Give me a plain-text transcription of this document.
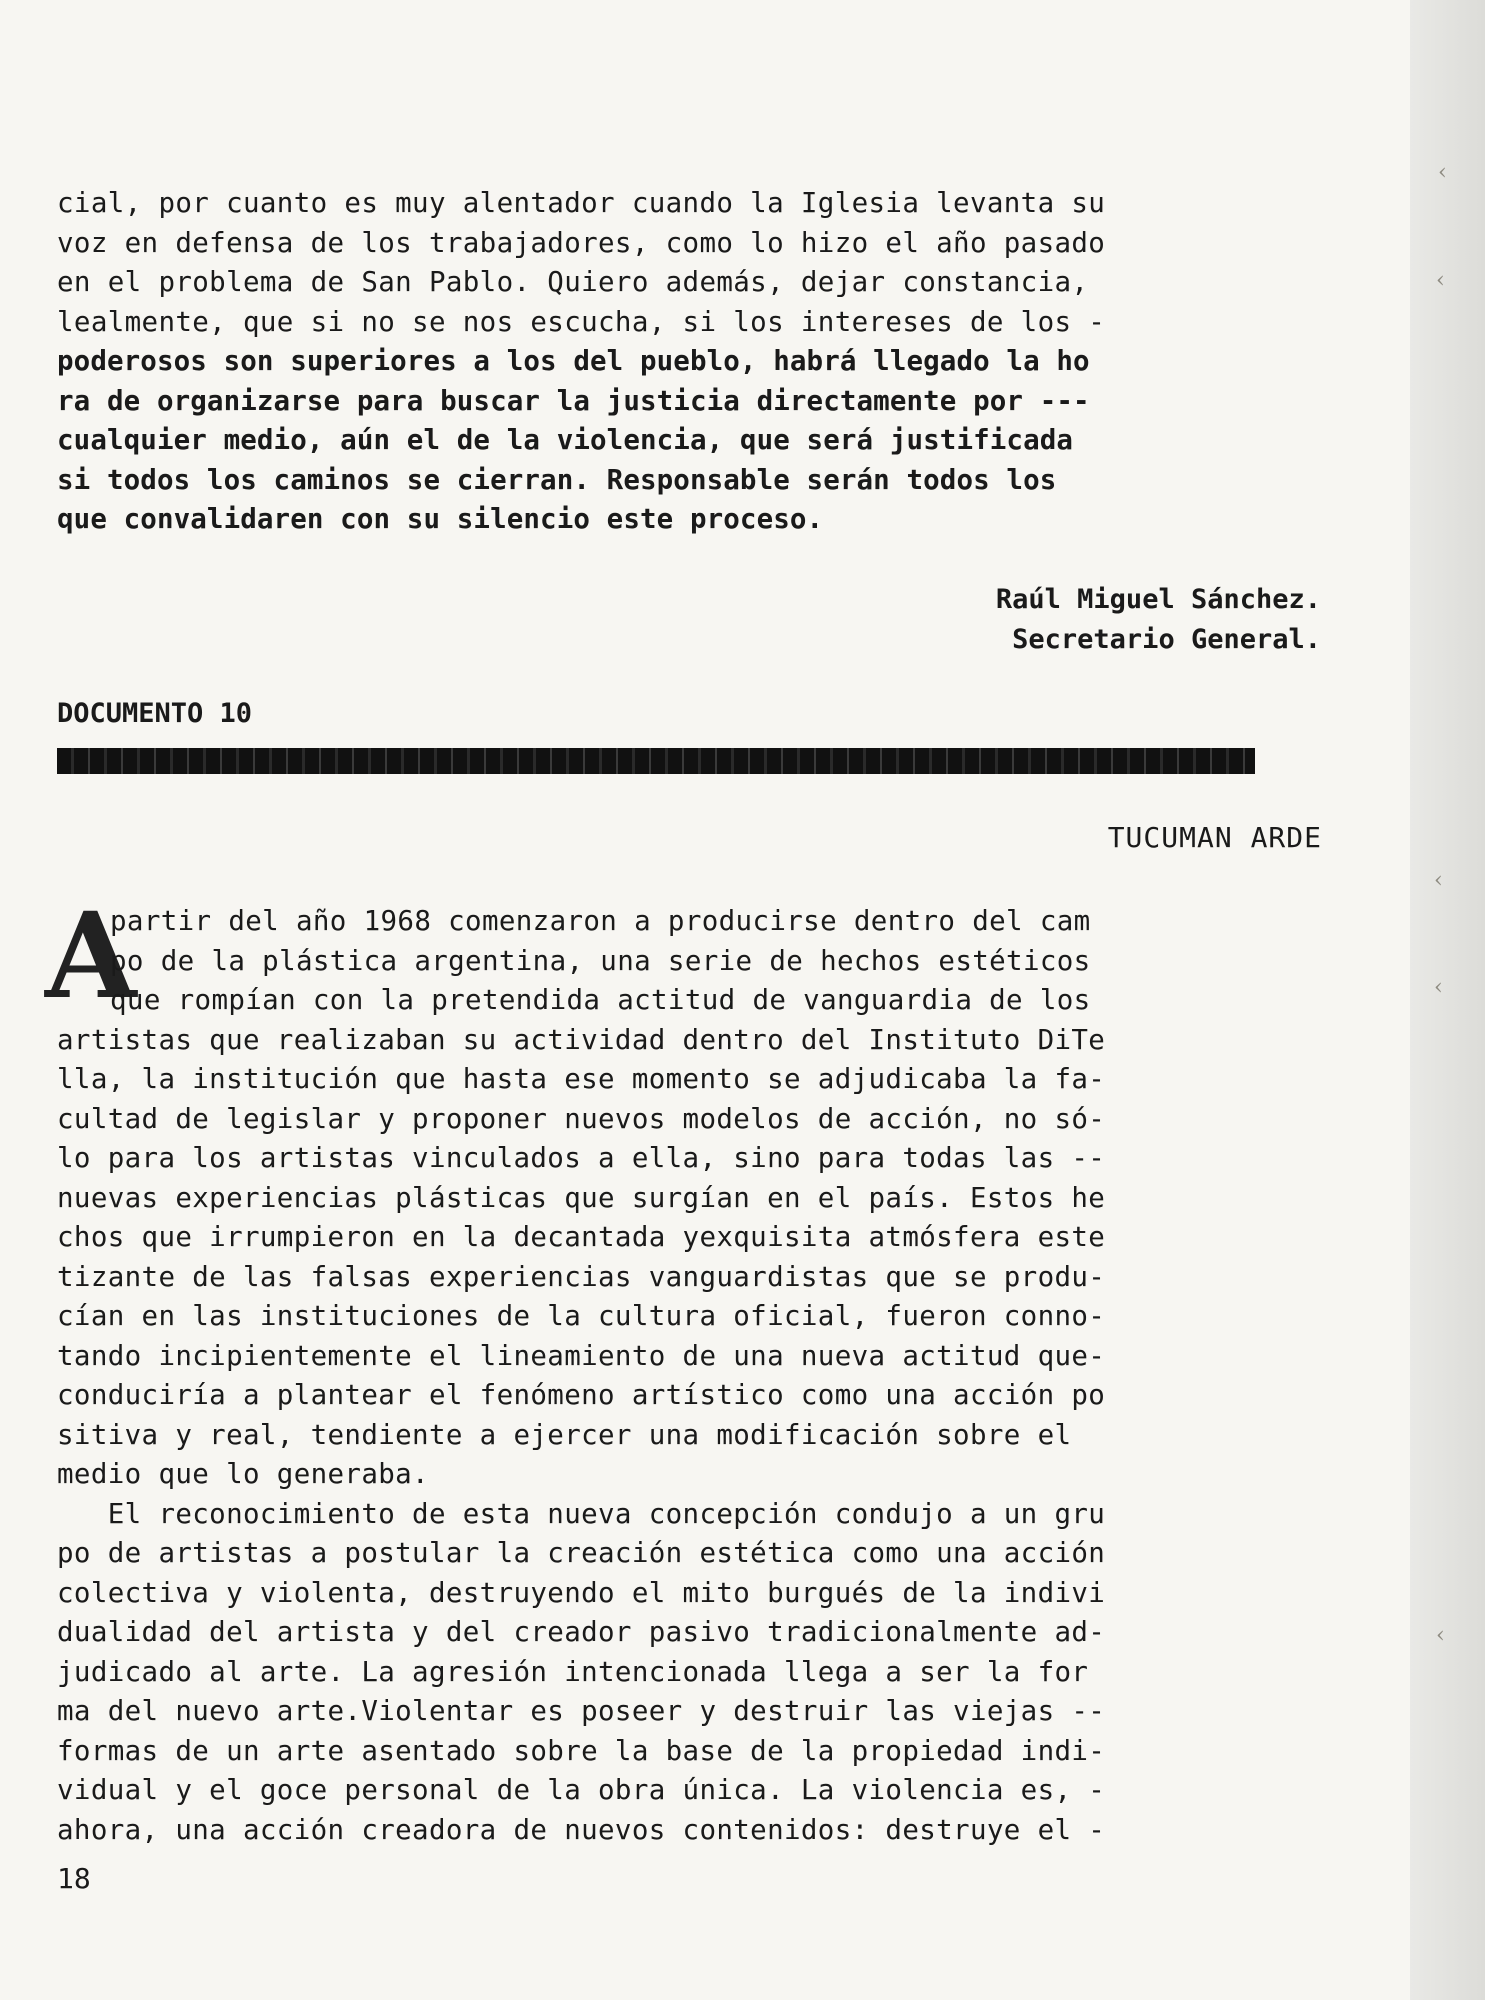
‹
‹
‹
‹
‹
cial, por cuanto es muy alentador cuando la Iglesia levanta su
voz en defensa de los trabajadores, como lo hizo el año pasado
en el problema de San Pablo. Quiero además, dejar constancia,
lealmente, que si no se nos escucha, si los intereses de los -
poderosos son superiores a los del pueblo, habrá llegado la ho
ra de organizarse para buscar la justicia directamente por ---
cualquier medio, aún el de la violencia, que será justificada
si todos los caminos se cierran. Responsable serán todos los
que convalidaren con su silencio este proceso.
Raúl Miguel Sánchez.
Secretario General.
DOCUMENTO 10
TUCUMAN ARDE
A
partir del año 1968 comenzaron a producirse dentro del cam
po de la plástica argentina, una serie de hechos estéticos
que rompían con la pretendida actitud de vanguardia de los
artistas que realizaban su actividad dentro del Instituto DiTe
lla, la institución que hasta ese momento se adjudicaba la fa-
cultad de legislar y proponer nuevos modelos de acción, no só-
lo para los artistas vinculados a ella, sino para todas las --
nuevas experiencias plásticas que surgían en el país. Estos he
chos que irrumpieron en la decantada yexquisita atmósfera este
tizante de las falsas experiencias vanguardistas que se produ-
cían en las instituciones de la cultura oficial, fueron conno-
tando incipientemente el lineamiento de una nueva actitud que-
conduciría a plantear el fenómeno artístico como una acción po
sitiva y real, tendiente a ejercer una modificación sobre el
medio que lo generaba.
El reconocimiento de esta nueva concepción condujo a un gru
po de artistas a postular la creación estética como una acción
colectiva y violenta, destruyendo el mito burgués de la indivi
dualidad del artista y del creador pasivo tradicionalmente ad-
judicado al arte. La agresión intencionada llega a ser la for
ma del nuevo arte.Violentar es poseer y destruir las viejas --
formas de un arte asentado sobre la base de la propiedad indi-
vidual y el goce personal de la obra única. La violencia es, -
ahora, una acción creadora de nuevos contenidos: destruye el -
18
